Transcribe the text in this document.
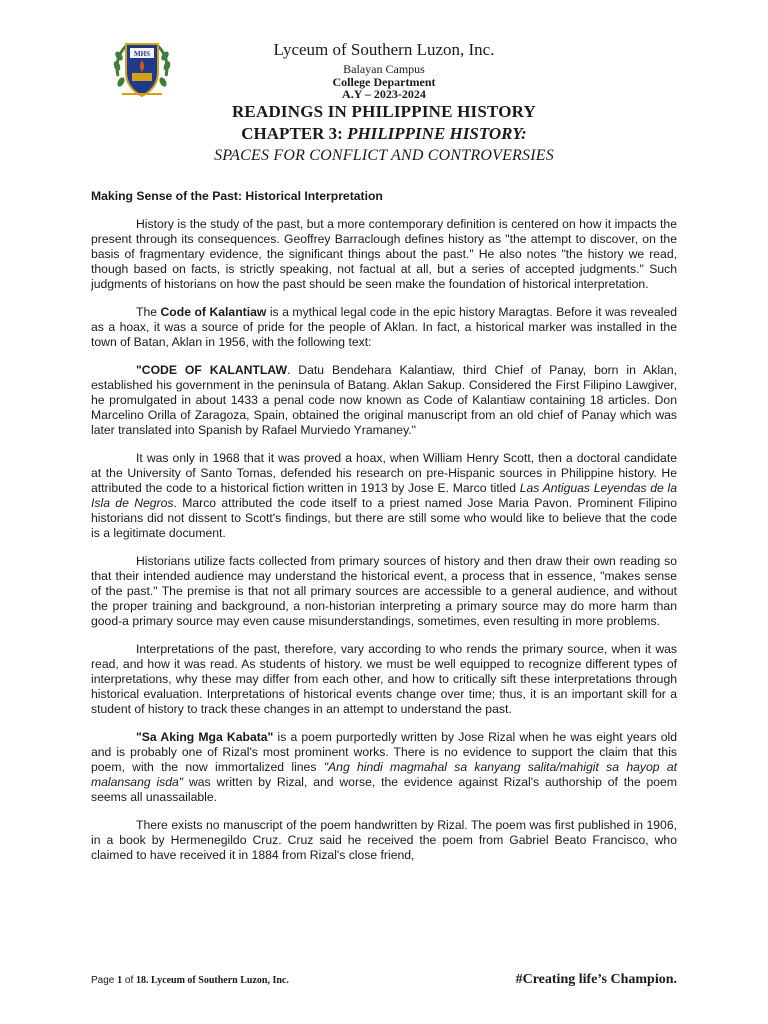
MHS	Lyceum of Southern Luzon, Inc.
Balayan Campus
College Department
A.Y – 2023-2024
READINGS IN PHILIPPINE HISTORY
CHAPTER 3: PHILIPPINE HISTORY:
SPACES FOR CONFLICT AND CONTROVERSIES
Making Sense of the Past: Historical Interpretation

History is the study of the past, but a more contemporary definition is centered on how it impacts the present through its consequences. Geoffrey Barraclough defines history as "the attempt to discover, on the basis of fragmentary evidence, the significant things about the past." He also notes "the history we read, though based on facts, is strictly speaking, not factual at all, but a series of accepted judgments." Such judgments of historians on how the past should be seen make the foundation of historical interpretation.

The Code of Kalantiaw is a mythical legal code in the epic history Maragtas. Before it was revealed as a hoax, it was a source of pride for the people of Aklan. In fact, a historical marker was installed in the town of Batan, Aklan in 1956, with the following text:

"CODE OF KALANTLAW. Datu Bendehara Kalantiaw, third Chief of Panay, born in Aklan, established his government in the peninsula of Batang. Aklan Sakup. Considered the First Filipino Lawgiver, he promulgated in about 1433 a penal code now known as Code of Kalantiaw containing 18 articles. Don Marcelino Orilla of Zaragoza, Spain, obtained the original manuscript from an old chief of Panay which was later translated into Spanish by Rafael Murviedo Yramaney."

It was only in 1968 that it was proved a hoax, when William Henry Scott, then a doctoral candidate at the University of Santo Tomas, defended his research on pre-Hispanic sources in Philippine history. He attributed the code to a historical fiction written in 1913 by Jose E. Marco titled Las Antiguas Leyendas de la Isla de Negros. Marco attributed the code itself to a priest named Jose Maria Pavon. Prominent Filipino historians did not dissent to Scott's findings, but there are still some who would like to believe that the code is a legitimate document.

Historians utilize facts collected from primary sources of history and then draw their own reading so that their intended audience may understand the historical event, a process that in essence, "makes sense of the past." The premise is that not all primary sources are accessible to a general audience, and without the proper training and background, a non-historian interpreting a primary source may do more harm than good-a primary source may even cause misunderstandings, sometimes, even resulting in more problems.

Interpretations of the past, therefore, vary according to who rends the primary source, when it was read, and how it was read. As students of history. we must be well equipped to recognize different types of interpretations, why these may differ from each other, and how to critically sift these interpretations through historical evaluation. Interpretations of historical events change over time; thus, it is an important skill for a student of history to track these changes in an attempt to understand the past.

"Sa Aking Mga Kabata" is a poem purportedly written by Jose Rizal when he was eight years old and is probably one of Rizal's most prominent works. There is no evidence to support the claim that this poem, with the now immortalized lines "Ang hindi magmahal sa kanyang salita/mahigit sa hayop at malansang isda" was written by Rizal, and worse, the evidence against Rizal's authorship of the poem seems all unassailable.

There exists no manuscript of the poem handwritten by Rizal. The poem was first published in 1906, in a book by Hermenegildo Cruz. Cruz said he received the poem from Gabriel Beato Francisco, who claimed to have received it in 1884 from Rizal's close friend,

Page 1 of 18. Lyceum of Southern Luzon, Inc.	#Creating life’s Champion.
